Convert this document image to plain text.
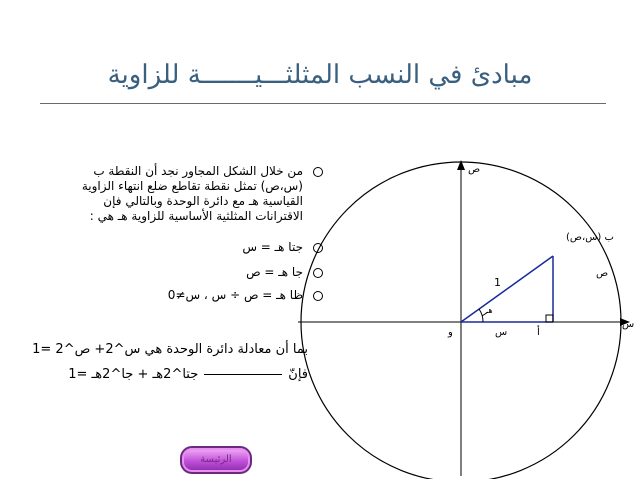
مبادئ في النسب المثلثـــيـــــــة للزاوية
من خلال الشكل المجاور نجد أن النقطة ب
(س،ص) تمثل نقطة تقاطع ضلع انتهاء الزاوية
القياسية هـ مع دائرة الوحدة وبالتالي فإن
الاقترانات المثلثية الأساسية للزاوية هـ هي :
جتا هـ = س
جا هـ = ص
ظا هـ = ص ÷ س ، س≠0
بما أن معادلة دائرة الوحدة هي س^2+ ص^2 =1
فإنّجتا^2هـ + جا^2هـ =1
ص
س
ب (س،ص)
ص
س
1
هـ
و	أ
الرئيسة
